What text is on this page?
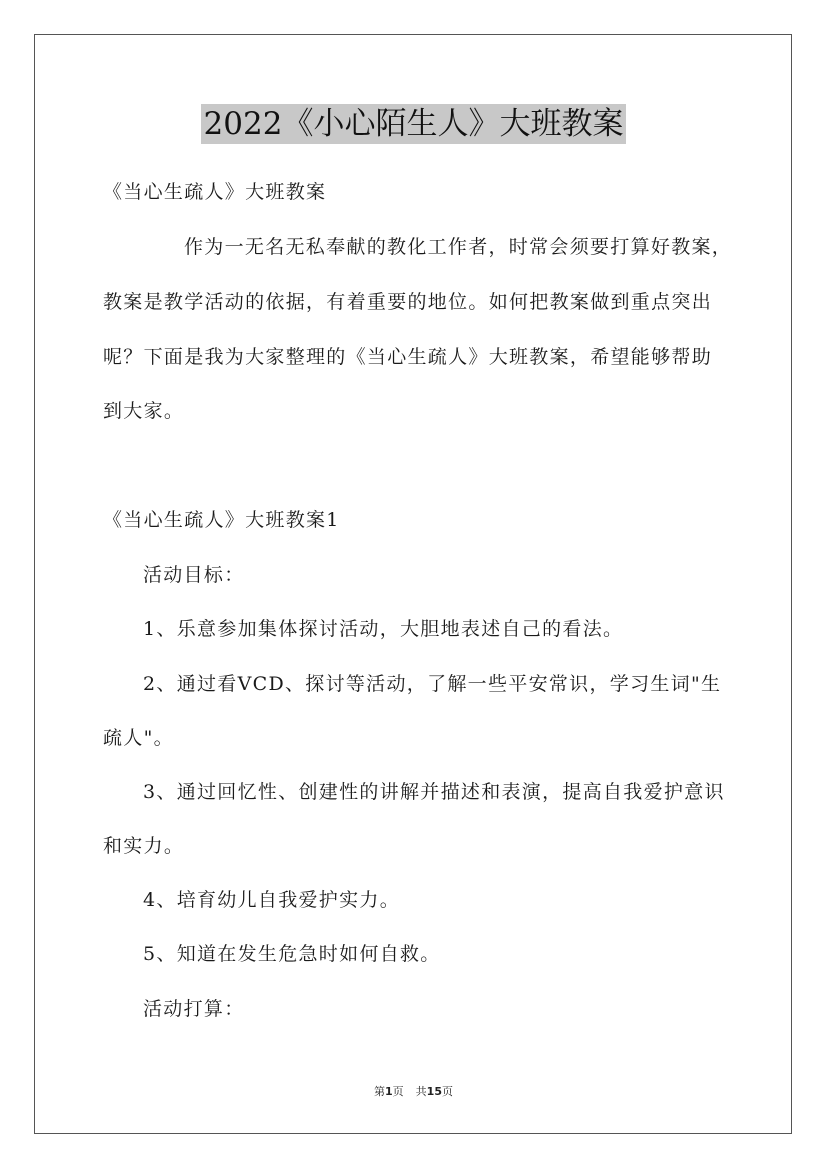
2022《小心陌生人》大班教案
《当心生疏人》大班教案
作为一无名无私奉献的教化工作者，时常会须要打算好教案，
教案是教学活动的依据，有着重要的地位。如何把教案做到重点突出
呢？下面是我为大家整理的《当心生疏人》大班教案，希望能够帮助
到大家。
《当心生疏人》大班教案1
活动目标：
1、乐意参加集体探讨活动，大胆地表述自己的看法。
2、通过看VCD、探讨等活动，了解一些平安常识，学习生词"生
疏人"。
3、通过回忆性、创建性的讲解并描述和表演，提高自我爱护意识
和实力。
4、培育幼儿自我爱护实力。
5、知道在发生危急时如何自救。
活动打算：
第1页 共15页
